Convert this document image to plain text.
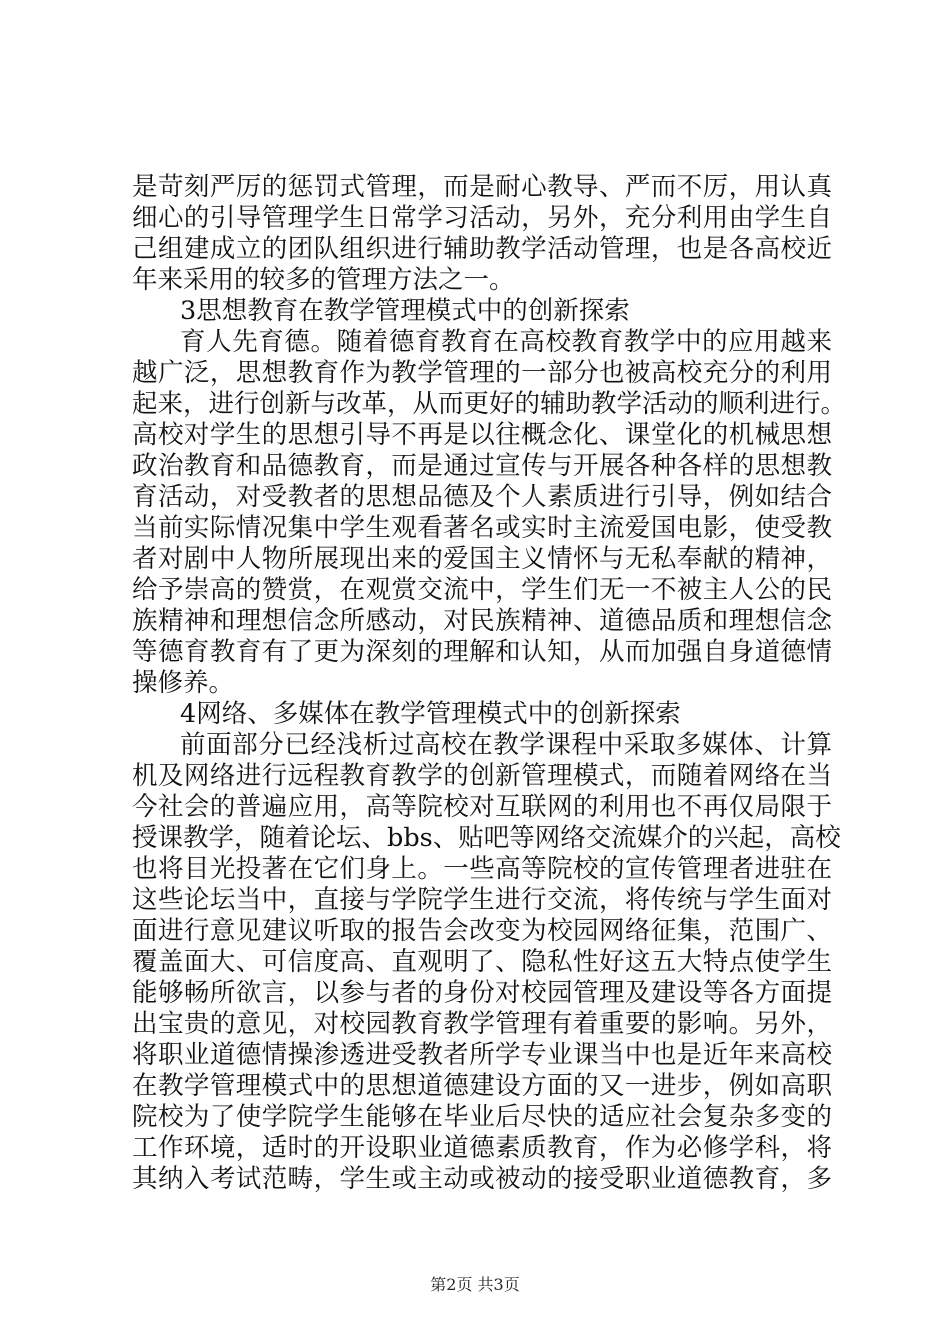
是苛刻严厉的惩罚式管理，而是耐心教导、严而不厉，用认真
细心的引导管理学生日常学习活动，另外，充分利用由学生自
己组建成立的团队组织进行辅助教学活动管理，也是各高校近
年来采用的较多的管理方法之一。
3思想教育在教学管理模式中的创新探索
育人先育德。随着德育教育在高校教育教学中的应用越来
越广泛，思想教育作为教学管理的一部分也被高校充分的利用
起来，进行创新与改革，从而更好的辅助教学活动的顺利进行。
高校对学生的思想引导不再是以往概念化、课堂化的机械思想
政治教育和品德教育，而是通过宣传与开展各种各样的思想教
育活动，对受教者的思想品德及个人素质进行引导，例如结合
当前实际情况集中学生观看著名或实时主流爱国电影，使受教
者对剧中人物所展现出来的爱国主义情怀与无私奉献的精神，
给予崇高的赞赏，在观赏交流中，学生们无一不被主人公的民
族精神和理想信念所感动，对民族精神、道德品质和理想信念
等德育教育有了更为深刻的理解和认知，从而加强自身道德情
操修养。
4网络、多媒体在教学管理模式中的创新探索
前面部分已经浅析过高校在教学课程中采取多媒体、计算
机及网络进行远程教育教学的创新管理模式，而随着网络在当
今社会的普遍应用，高等院校对互联网的利用也不再仅局限于
授课教学，随着论坛、bbs、贴吧等网络交流媒介的兴起，高校
也将目光投著在它们身上。一些高等院校的宣传管理者进驻在
这些论坛当中，直接与学院学生进行交流，将传统与学生面对
面进行意见建议听取的报告会改变为校园网络征集，范围广、
覆盖面大、可信度高、直观明了、隐私性好这五大特点使学生
能够畅所欲言，以参与者的身份对校园管理及建设等各方面提
出宝贵的意见，对校园教育教学管理有着重要的影响。另外，
将职业道德情操渗透进受教者所学专业课当中也是近年来高校
在教学管理模式中的思想道德建设方面的又一进步，例如高职
院校为了使学院学生能够在毕业后尽快的适应社会复杂多变的
工作环境，适时的开设职业道德素质教育，作为必修学科，将
其纳入考试范畴，学生或主动或被动的接受职业道德教育，多
第2页 共3页
